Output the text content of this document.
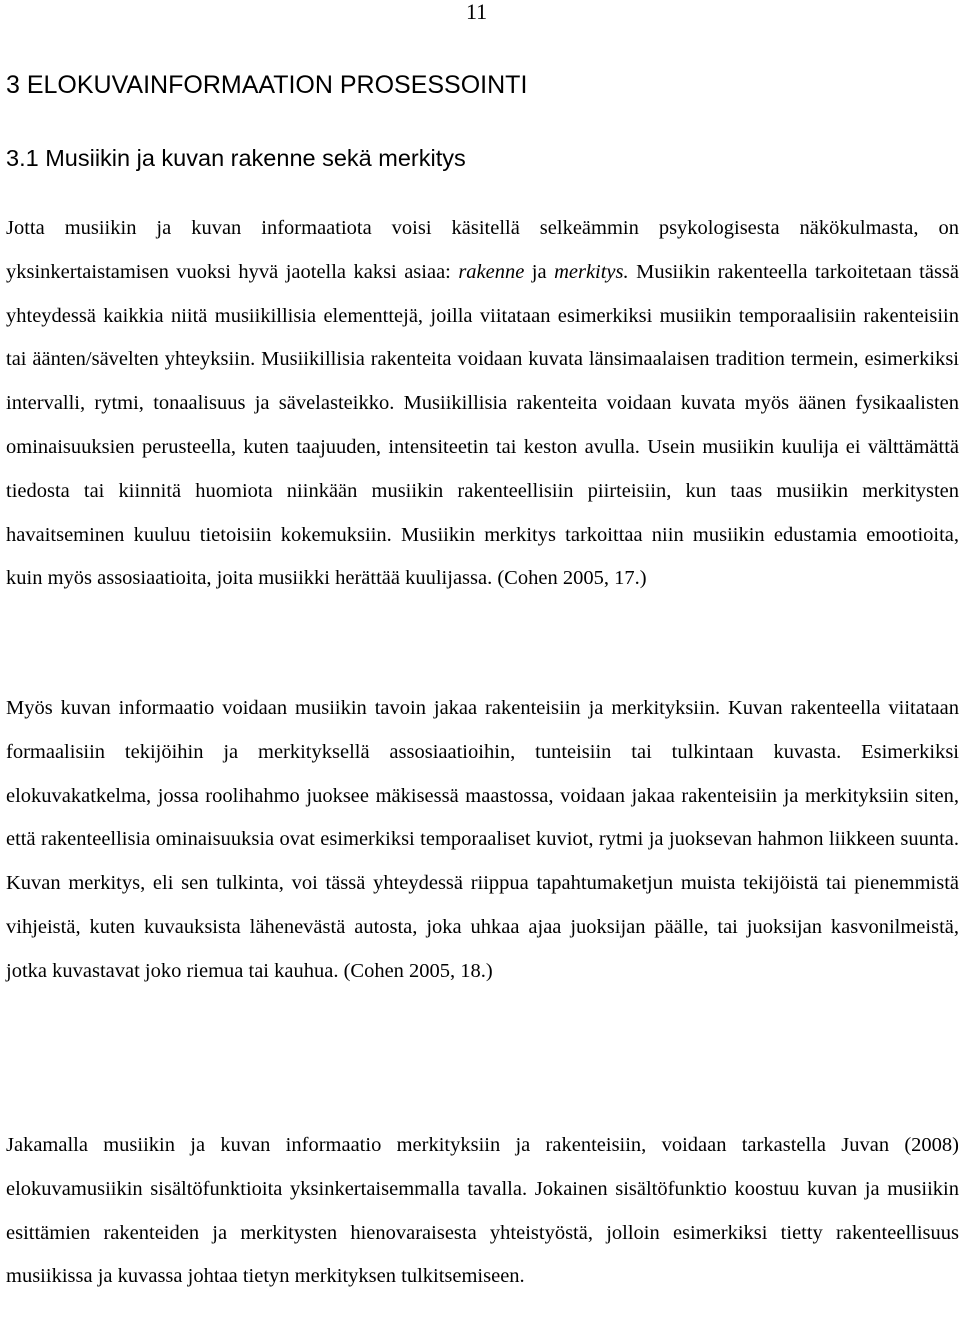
11
3 ELOKUVAINFORMAATION PROSESSOINTI
3.1 Musiikin ja kuvan rakenne sekä merkitys

Jotta musiikin ja kuvan informaatiota voisi käsitellä selkeämmin psykologisesta näkökulmasta, on yksinkertaistamisen vuoksi hyvä jaotella kaksi asiaa: rakenne ja merkitys. Musiikin rakenteella tarkoitetaan tässä yhteydessä kaikkia niitä musiikillisia elementtejä, joilla viitataan esimerkiksi musiikin temporaalisiin rakenteisiin tai äänten/sävelten yhteyksiin. Musiikillisia rakenteita voidaan kuvata länsimaalaisen tradition termein, esimerkiksi intervalli, rytmi, tonaalisuus ja sävelasteikko. Musiikillisia rakenteita voidaan kuvata myös äänen fysikaalisten ominaisuuksien perusteella, kuten taajuuden, intensiteetin tai keston avulla. Usein musiikin kuulija ei välttämättä tiedosta tai kiinnitä huomiota niinkään musiikin rakenteellisiin piirteisiin, kun taas musiikin merkitysten havaitseminen kuuluu tietoisiin kokemuksiin. Musiikin merkitys tarkoittaa niin musiikin edustamia emootioita, kuin myös assosiaatioita, joita musiikki herättää kuulijassa. (Cohen 2005, 17.)

Myös kuvan informaatio voidaan musiikin tavoin jakaa rakenteisiin ja merkityksiin. Kuvan rakenteella viitataan formaalisiin tekijöihin ja merkityksellä assosiaatioihin, tunteisiin tai tulkintaan kuvasta. Esimerkiksi elokuvakatkelma, jossa roolihahmo juoksee mäkisessä maastossa, voidaan jakaa rakenteisiin ja merkityksiin siten, että rakenteellisia ominaisuuksia ovat esimerkiksi temporaaliset kuviot, rytmi ja juoksevan hahmon liikkeen suunta. Kuvan merkitys, eli sen tulkinta, voi tässä yhteydessä riippua tapahtumaketjun muista tekijöistä tai pienemmistä vihjeistä, kuten kuvauksista lähenevästä autosta, joka uhkaa ajaa juoksijan päälle, tai juoksijan kasvonilmeistä, jotka kuvastavat joko riemua tai kauhua. (Cohen 2005, 18.)

Jakamalla musiikin ja kuvan informaatio merkityksiin ja rakenteisiin, voidaan tarkastella Juvan (2008) elokuvamusiikin sisältöfunktioita yksinkertaisemmalla tavalla. Jokainen sisältöfunktio koostuu kuvan ja musiikin esittämien rakenteiden ja merkitysten hienovaraisesta yhteistyöstä, jolloin esimerkiksi tietty rakenteellisuus musiikissa ja kuvassa johtaa tietyn merkityksen tulkitsemiseen.
